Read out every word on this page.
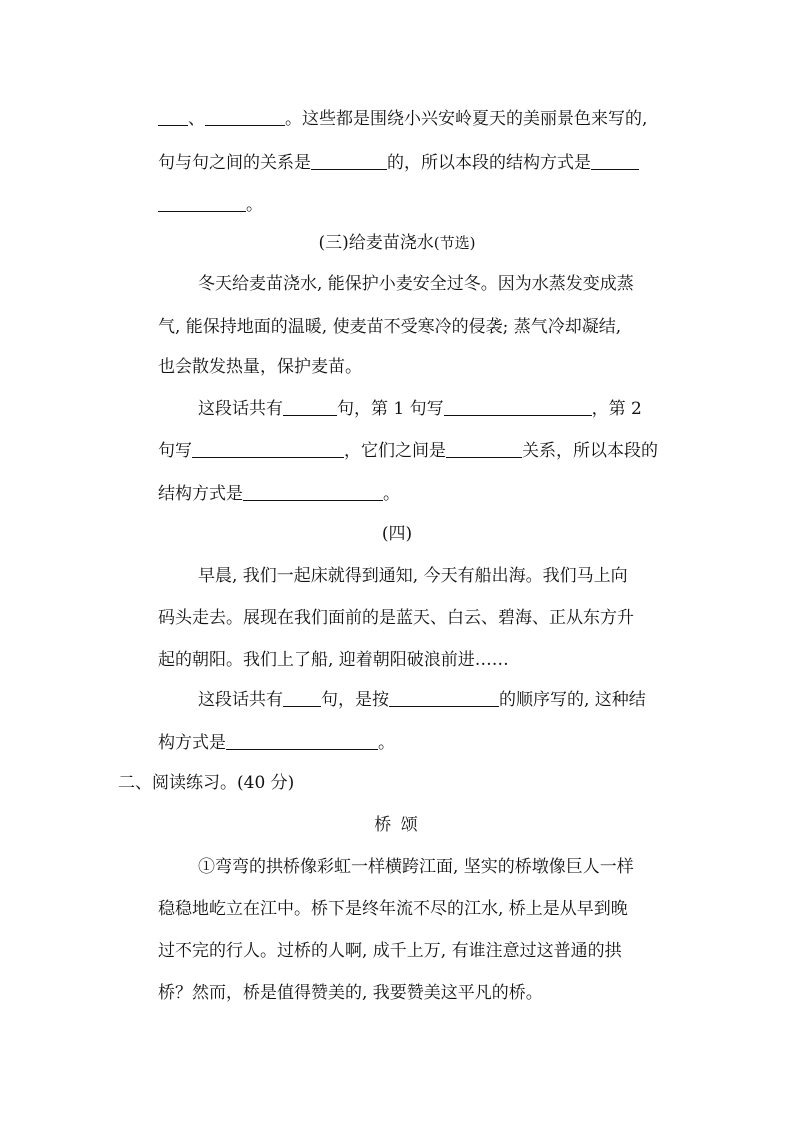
、	。这些都是围绕小兴安岭夏天的美丽景色来写的,
句与句之间的关系是	的，所以本段的结构方式是
。
(三)给麦苗浇水(节选)
冬天给麦苗浇水, 能保护小麦安全过冬。因为水蒸发变成蒸
气, 能保持地面的温暖, 使麦苗不受寒冷的侵袭; 蒸气冷却凝结,
也会散发热量，保护麦苗。
这段话共有	句，第 1 句写	，第 2
句写	，它们之间是	关系，所以本段的
结构方式是	。
(四)
早晨, 我们一起床就得到通知, 今天有船出海。我们马上向
码头走去。展现在我们面前的是蓝天、白云、碧海、正从东方升
起的朝阳。我们上了船, 迎着朝阳破浪前进……
这段话共有 句，是按	的顺序写的, 这种结
构方式是	。
二、阅读练习。(40 分)
桥 颂
①弯弯的拱桥像彩虹一样横跨江面, 坚实的桥墩像巨人一样
稳稳地屹立在江中。桥下是终年流不尽的江水, 桥上是从早到晚
过不完的行人。过桥的人啊, 成千上万, 有谁注意过这普通的拱
桥？然而，桥是值得赞美的, 我要赞美这平凡的桥。
